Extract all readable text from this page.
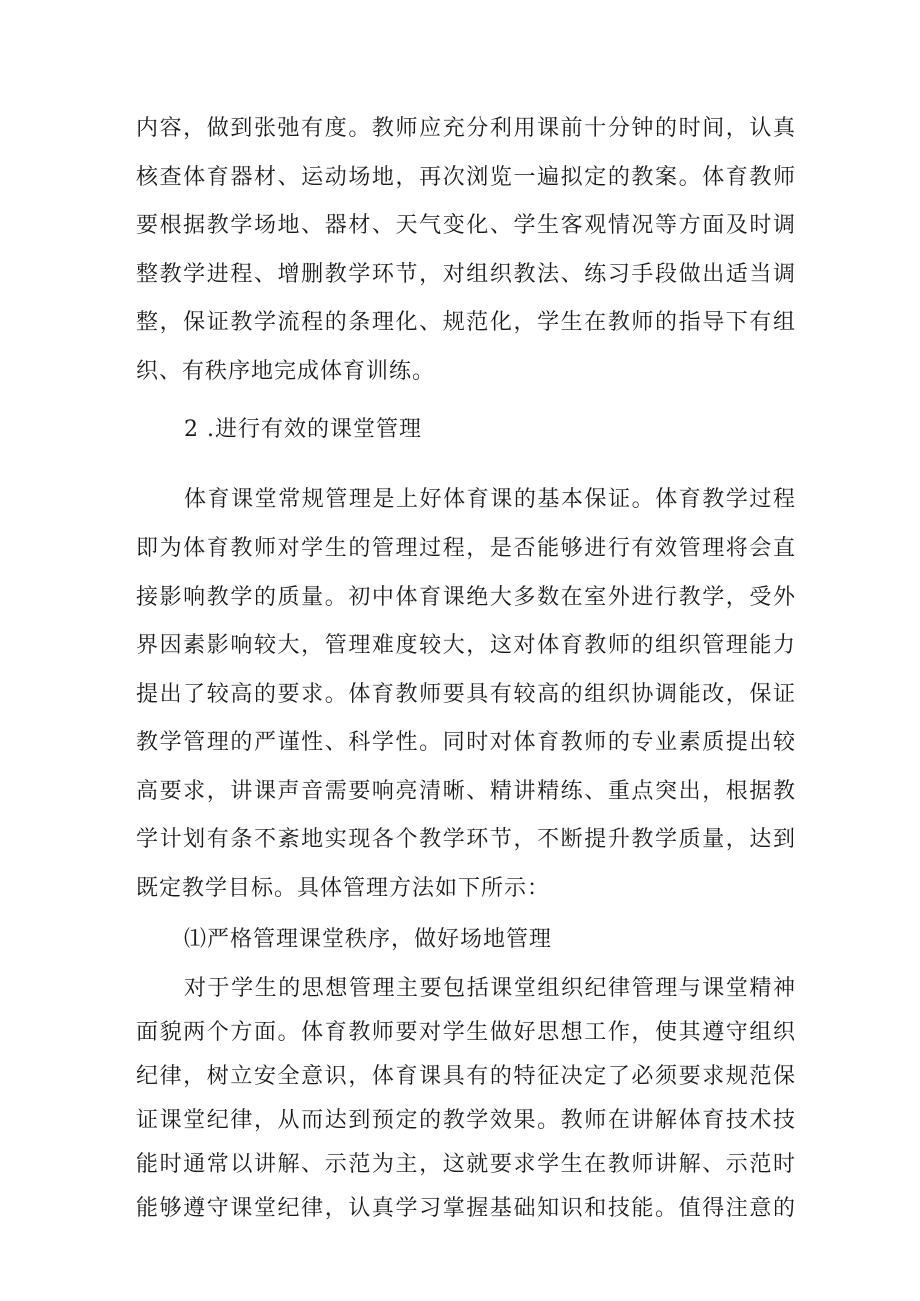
内容，做到张弛有度。教师应充分利用课前十分钟的时间，认真
核查体育器材、运动场地，再次浏览一遍拟定的教案。体育教师
要根据教学场地、器材、天气变化、学生客观情况等方面及时调
整教学进程、增删教学环节，对组织教法、练习手段做出适当调
整，保证教学流程的条理化、规范化，学生在教师的指导下有组
织、有秩序地完成体育训练。
2 .进行有效的课堂管理
体育课堂常规管理是上好体育课的基本保证。体育教学过程
即为体育教师对学生的管理过程，是否能够进行有效管理将会直
接影响教学的质量。初中体育课绝大多数在室外进行教学，受外
界因素影响较大，管理难度较大，这对体育教师的组织管理能力
提出了较高的要求。体育教师要具有较高的组织协调能改，保证
教学管理的严谨性、科学性。同时对体育教师的专业素质提出较
高要求，讲课声音需要响亮清晰、精讲精练、重点突出，根据教
学计划有条不紊地实现各个教学环节，不断提升教学质量，达到
既定教学目标。具体管理方法如下所示：
⑴严格管理课堂秩序，做好场地管理
对于学生的思想管理主要包括课堂组织纪律管理与课堂精神
面貌两个方面。体育教师要对学生做好思想工作，使其遵守组织
纪律，树立安全意识，体育课具有的特征决定了必须要求规范保
证课堂纪律，从而达到预定的教学效果。教师在讲解体育技术技
能时通常以讲解、示范为主，这就要求学生在教师讲解、示范时
能够遵守课堂纪律，认真学习掌握基础知识和技能。值得注意的
